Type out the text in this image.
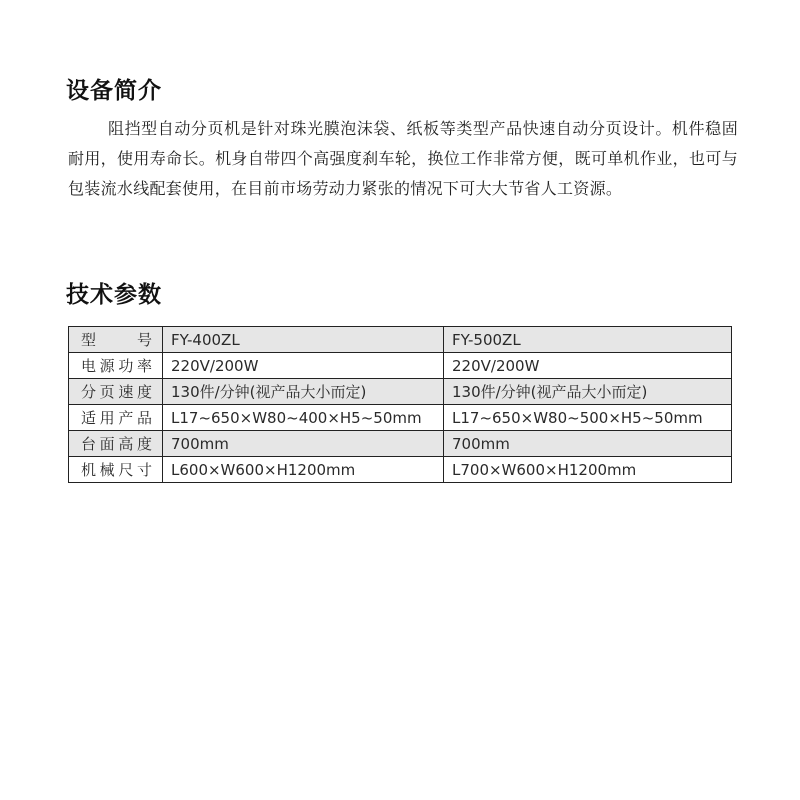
设备简介

阻挡型自动分页机是针对珠光膜泡沫袋、纸板等类型产品快速自动分页设计。机件稳固耐用，使用寿命长。机身自带四个高强度刹车轮，换位工作非常方便，既可单机作业，也可与包装流水线配套使用，在目前市场劳动力紧张的情况下可大大节省人工资源。

技术参数
型　号	FY-400ZL	FY-500ZL
电源功率	220V/200W	220V/200W
分页速度	130件/分钟(视产品大小而定)	130件/分钟(视产品大小而定)
适用产品	L17~650×W80~400×H5~50mm	L17~650×W80~500×H5~50mm
台面高度	700mm	700mm
机械尺寸	L600×W600×H1200mm	L700×W600×H1200mm
